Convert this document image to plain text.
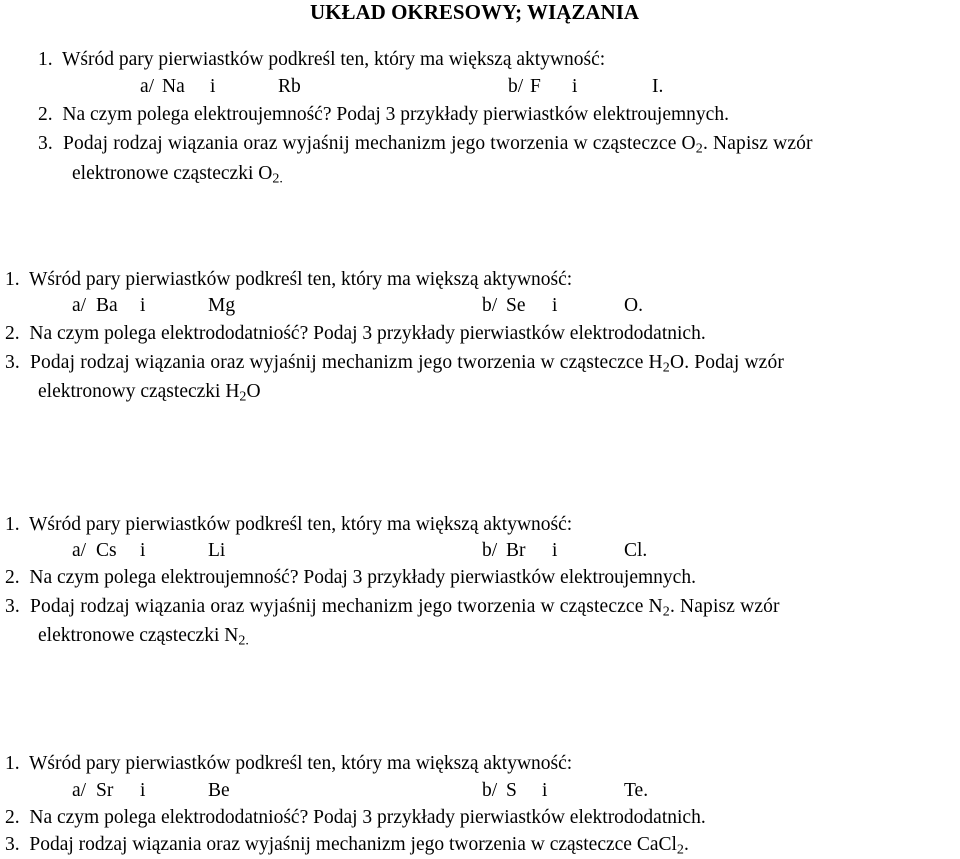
UKŁAD OKRESOWY; WIĄZANIA
1. Wśród pary pierwiastków podkreśl ten, który ma większą aktywność:
a/ Na i	Rb	b/ F i	I.
2. Na czym polega elektroujemność? Podaj 3 przykłady pierwiastków elektroujemnych.
3. Podaj rodzaj wiązania oraz wyjaśnij mechanizm jego tworzenia w cząsteczce $O_2$. Napisz wzór
elektronowe cząsteczki $O_{2.}$
1. Wśród pary pierwiastków podkreśl ten, który ma większą aktywność:
a/ Ba i	Mg	b/ Se i	O.
2. Na czym polega elektrododatniość? Podaj 3 przykłady pierwiastków elektrododatnich.
3. Podaj rodzaj wiązania oraz wyjaśnij mechanizm jego tworzenia w cząsteczce $H_2O$. Podaj wzór
elektronowy cząsteczki $H_2O$
1. Wśród pary pierwiastków podkreśl ten, który ma większą aktywność:
a/ Cs i	Li	b/ Br i	Cl.
2. Na czym polega elektroujemność? Podaj 3 przykłady pierwiastków elektroujemnych.
3. Podaj rodzaj wiązania oraz wyjaśnij mechanizm jego tworzenia w cząsteczce $N_2$. Napisz wzór
elektronowe cząsteczki $N_{2.}$
1. Wśród pary pierwiastków podkreśl ten, który ma większą aktywność:
a/ Sr i	Be	b/ S i	Te.
2. Na czym polega elektrododatniość? Podaj 3 przykłady pierwiastków elektrododatnich.
3. Podaj rodzaj wiązania oraz wyjaśnij mechanizm jego tworzenia w cząsteczce CaCl$_2$.
